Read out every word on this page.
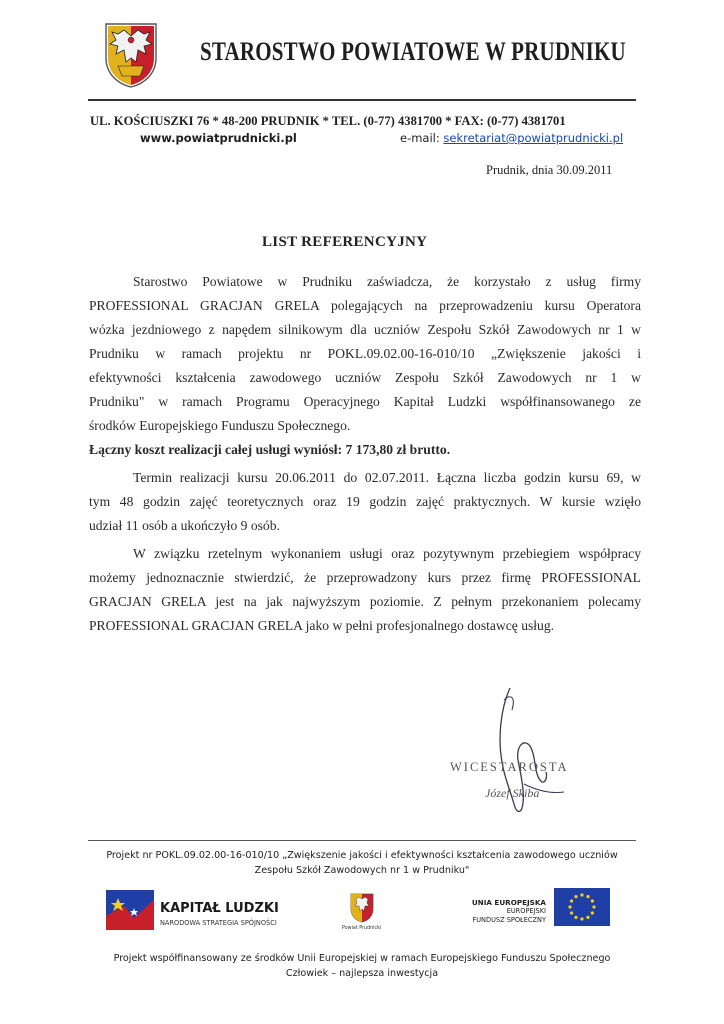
STAROSTWO POWIATOWE W PRUDNIKU
UL. KOŚCIUSZKI 76 * 48-200 PRUDNIK * TEL. (0-77) 4381700 * FAX: (0-77) 4381701
www.powiatprudnicki.pl	e-mail: sekretariat@powiatprudnicki.pl
Prudnik, dnia 30.09.2011
LIST REFERENCYJNY
Starostwo Powiatowe w Prudniku zaświadcza, że korzystało z usług firmy
PROFESSIONAL GRACJAN GRELA polegających na przeprowadzeniu kursu Operatora
wózka jezdniowego z napędem silnikowym dla uczniów Zespołu Szkół Zawodowych nr 1 w
Prudniku w ramach projektu nr POKL.09.02.00-16-010/10 „Zwiększenie jakości i
efektywności kształcenia zawodowego uczniów Zespołu Szkół Zawodowych nr 1 w
Prudniku" w ramach Programu Operacyjnego Kapitał Ludzki współfinansowanego ze
środków Europejskiego Funduszu Społecznego.
Łączny koszt realizacji całej usługi wyniósł: 7 173,80 zł brutto.
Termin realizacji kursu 20.06.2011 do 02.07.2011. Łączna liczba godzin kursu 69, w
tym 48 godzin zajęć teoretycznych oraz 19 godzin zajęć praktycznych. W kursie wzięło
udział 11 osób a ukończyło 9 osób.
W związku rzetelnym wykonaniem usługi oraz pozytywnym przebiegiem współpracy
możemy jednoznacznie stwierdzić, że przeprowadzony kurs przez firmę PROFESSIONAL
GRACJAN GRELA jest na jak najwyższym poziomie. Z pełnym przekonaniem polecamy
PROFESSIONAL GRACJAN GRELA jako w pełni profesjonalnego dostawcę usług.
WICESTAROSTA
Józef Skiba
Projekt nr POKL.09.02.00-16-010/10 „Zwiększenie jakości i efektywności kształcenia zawodowego uczniów
Zespołu Szkół Zawodowych nr 1 w Prudniku"
KAPITAŁ LUDZKI
NARODOWA STRATEGIA SPÓJNOŚCI
Powiat Prudnicki
UNIA EUROPEJSKA
EUROPEJSKI
FUNDUSZ SPOŁECZNY
Projekt współfinansowany ze środków Unii Europejskiej w ramach Europejskiego Funduszu Społecznego
Człowiek – najlepsza inwestycja
